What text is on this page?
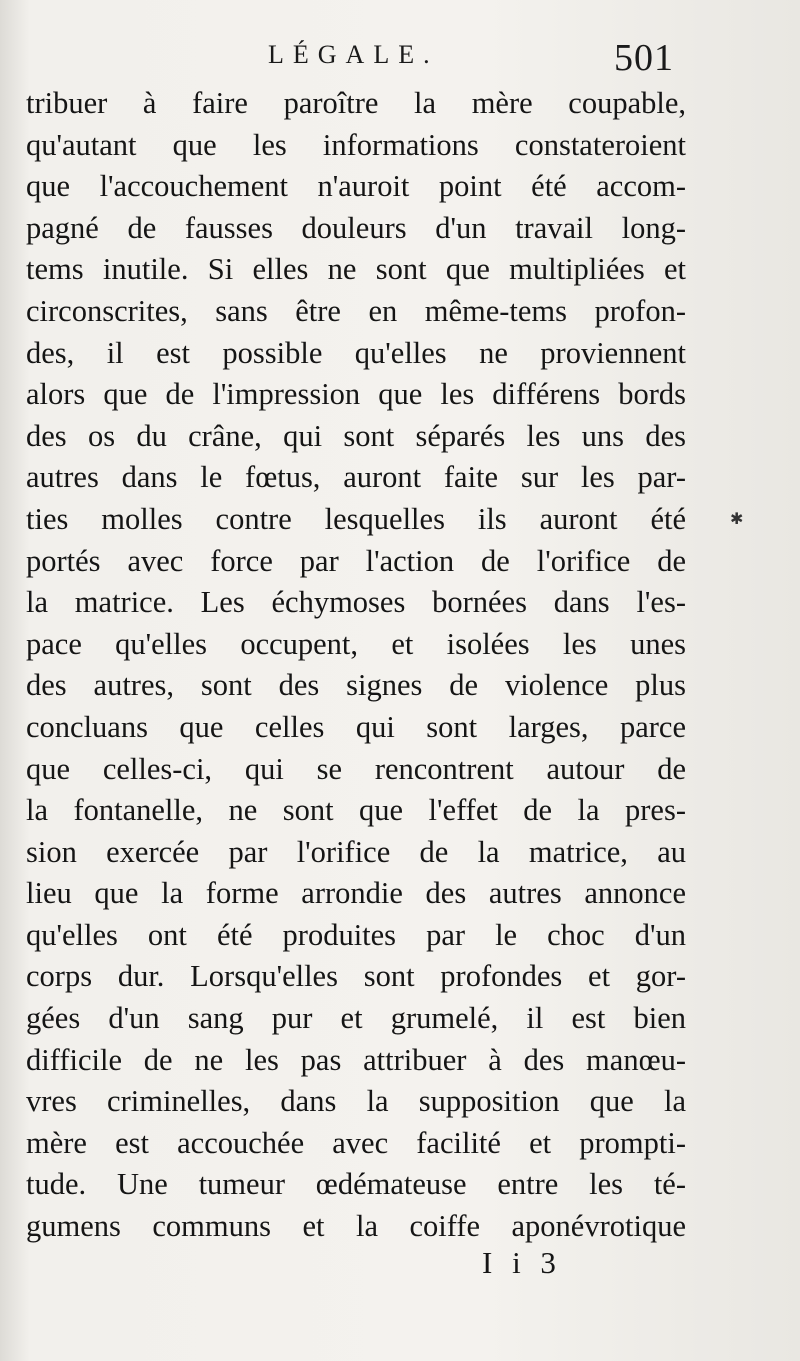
LÉGALE.	501
tribuer à faire paroître la mère coupable,
qu'autant que les informations constateroient
que l'accouchement n'auroit point été accom-
pagné de fausses douleurs d'un travail long-
tems inutile. Si elles ne sont que multipliées et
circonscrites, sans être en même-tems profon-
des, il est possible qu'elles ne proviennent
alors que de l'impression que les différens bords
des os du crâne, qui sont séparés les uns des
autres dans le fœtus, auront faite sur les par-
ties molles contre lesquelles ils auront été
portés avec force par l'action de l'orifice de
la matrice. Les échymoses bornées dans l'es-
pace qu'elles occupent, et isolées les unes
des autres, sont des signes de violence plus
concluans que celles qui sont larges, parce
que celles-ci, qui se rencontrent autour de
la fontanelle, ne sont que l'effet de la pres-
sion exercée par l'orifice de la matrice, au
lieu que la forme arrondie des autres annonce
qu'elles ont été produites par le choc d'un
corps dur. Lorsqu'elles sont profondes et gor-
gées d'un sang pur et grumelé, il est bien
difficile de ne les pas attribuer à des manœu-
vres criminelles, dans la supposition que la
mère est accouchée avec facilité et prompti-
tude. Une tumeur œdémateuse entre les té-
gumens communs et la coiffe aponévrotique
✱
I i 3
